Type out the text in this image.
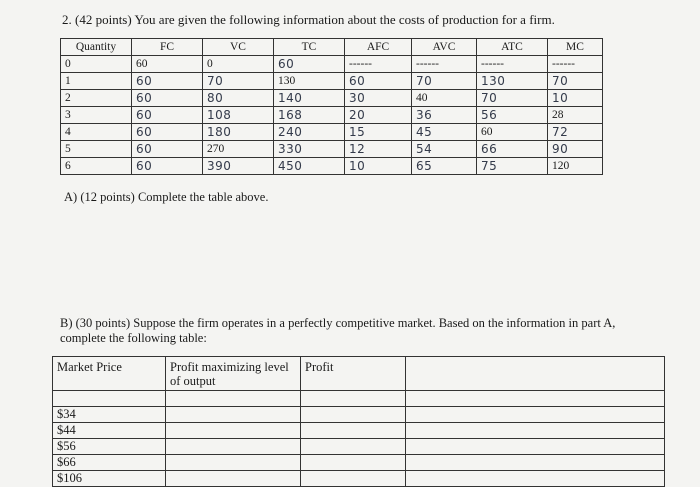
2. (42 points) You are given the following information about the costs of production for a firm.
Quantity	FC	VC	TC	AFC	AVC	ATC	MC
0	60	0	60	------	------	------	------
1	60	70	130	60	70	130	70
2	60	80	140	30	40	70	10
3	60	108	168	20	36	56	28
4	60	180	240	15	45	60	72
5	60	270	330	12	54	66	90
6	60	390	450	10	65	75	120
A) (12 points) Complete the table above.
B) (30 points) Suppose the firm operates in a perfectly competitive market. Based on the information in part A, complete the following table:
Market Price	Profit maximizing level of output	Profit	

$34			
$44			
$56			
$66			
$106			
